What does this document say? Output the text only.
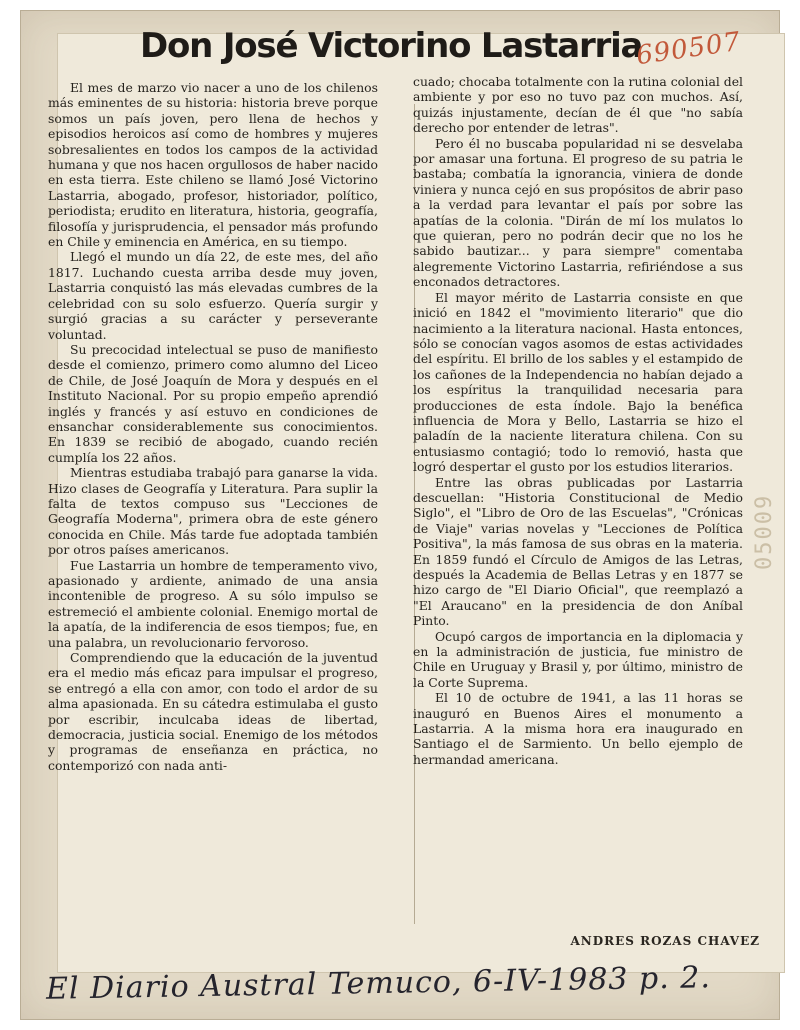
Don José Victorino Lastarria
690507

El mes de marzo vio nacer a uno de los chilenos más eminentes de su historia: historia breve porque somos un país joven, pero llena de hechos y episodios heroicos así como de hombres y mujeres sobresalientes en todos los campos de la actividad humana y que nos hacen orgullosos de haber nacido en esta tierra. Este chileno se llamó José Victorino Lastarria, abogado, profesor, historiador, político, periodista; erudito en literatura, historia, geografía, filosofía y jurisprudencia, el pensador más profundo en Chile y eminencia en América, en su tiempo.

Llegó el mundo un día 22, de este mes, del año 1817. Luchando cuesta arriba desde muy joven, Lastarria conquistó las más elevadas cumbres de la celebridad con su solo esfuerzo. Quería surgir y surgió gracias a su carácter y perseverante voluntad.

Su precocidad intelectual se puso de manifiesto desde el comienzo, primero como alumno del Liceo de Chile, de José Joaquín de Mora y después en el Instituto Nacional. Por su propio empeño aprendió inglés y francés y así estuvo en condiciones de ensanchar considerablemente sus conocimientos. En 1839 se recibió de abogado, cuando recién cumplía los 22 años.

Mientras estudiaba trabajó para ganarse la vida. Hizo clases de Geografía y Literatura. Para suplir la falta de textos compuso sus "Lecciones de Geografía Moderna", primera obra de este género conocida en Chile. Más tarde fue adoptada también por otros países americanos.

Fue Lastarria un hombre de temperamento vivo, apasionado y ardiente, animado de una ansia incontenible de progreso. A su sólo impulso se estremeció el ambiente colonial. Enemigo mortal de la apatía, de la indiferencia de esos tiempos; fue, en una palabra, un revolucionario fervoroso.

Comprendiendo que la educación de la juventud era el medio más eficaz para impulsar el progreso, se entregó a ella con amor, con todo el ardor de su alma apasionada. En su cátedra estimulaba el gusto por escribir, inculcaba ideas de libertad, democracia, justicia social. Enemigo de los métodos y programas de enseñanza en práctica, no contemporizó con nada anti-

cuado; chocaba totalmente con la rutina colonial del ambiente y por eso no tuvo paz con muchos. Así, quizás injustamente, decían de él que "no sabía derecho por entender de letras".

Pero él no buscaba popularidad ni se desvelaba por amasar una fortuna. El progreso de su patria le bastaba; combatía la ignorancia, viniera de donde viniera y nunca cejó en sus propósitos de abrir paso a la verdad para levantar el país por sobre las apatías de la colonia. "Dirán de mí los mulatos lo que quieran, pero no podrán decir que no los he sabido bautizar... y para siempre" comentaba alegremente Victorino Lastarria, refiriéndose a sus enconados detractores.

El mayor mérito de Lastarria consiste en que inició en 1842 el "movimiento literario" que dio nacimiento a la literatura nacional. Hasta entonces, sólo se conocían vagos asomos de estas actividades del espíritu. El brillo de los sables y el estampido de los cañones de la Independencia no habían dejado a los espíritus la tranquilidad necesaria para producciones de esta índole. Bajo la benéfica influencia de Mora y Bello, Lastarria se hizo el paladín de la naciente literatura chilena. Con su entusiasmo contagió; todo lo removió, hasta que logró despertar el gusto por los estudios literarios.

Entre las obras publicadas por Lastarria descuellan: "Historia Constitucional de Medio Siglo", el "Libro de Oro de las Escuelas", "Crónicas de Viaje" varias novelas y "Lecciones de Política Positiva", la más famosa de sus obras en la materia. En 1859 fundó el Círculo de Amigos de las Letras, después la Academia de Bellas Letras y en 1877 se hizo cargo de "El Diario Oficial", que reemplazó a "El Araucano" en la presidencia de don Aníbal Pinto.

Ocupó cargos de importancia en la diplomacia y en la administración de justicia, fue ministro de Chile en Uruguay y Brasil y, por último, ministro de la Corte Suprema.

El 10 de octubre de 1941, a las 11 horas se inauguró en Buenos Aires el monumento a Lastarria. A la misma hora era inaugurado en Santiago el de Sarmiento. Un bello ejemplo de hermandad americana.

ANDRES ROZAS CHAVEZ
05009
El Diario Austral Temuco, 6-IV-1983 p. 2.
